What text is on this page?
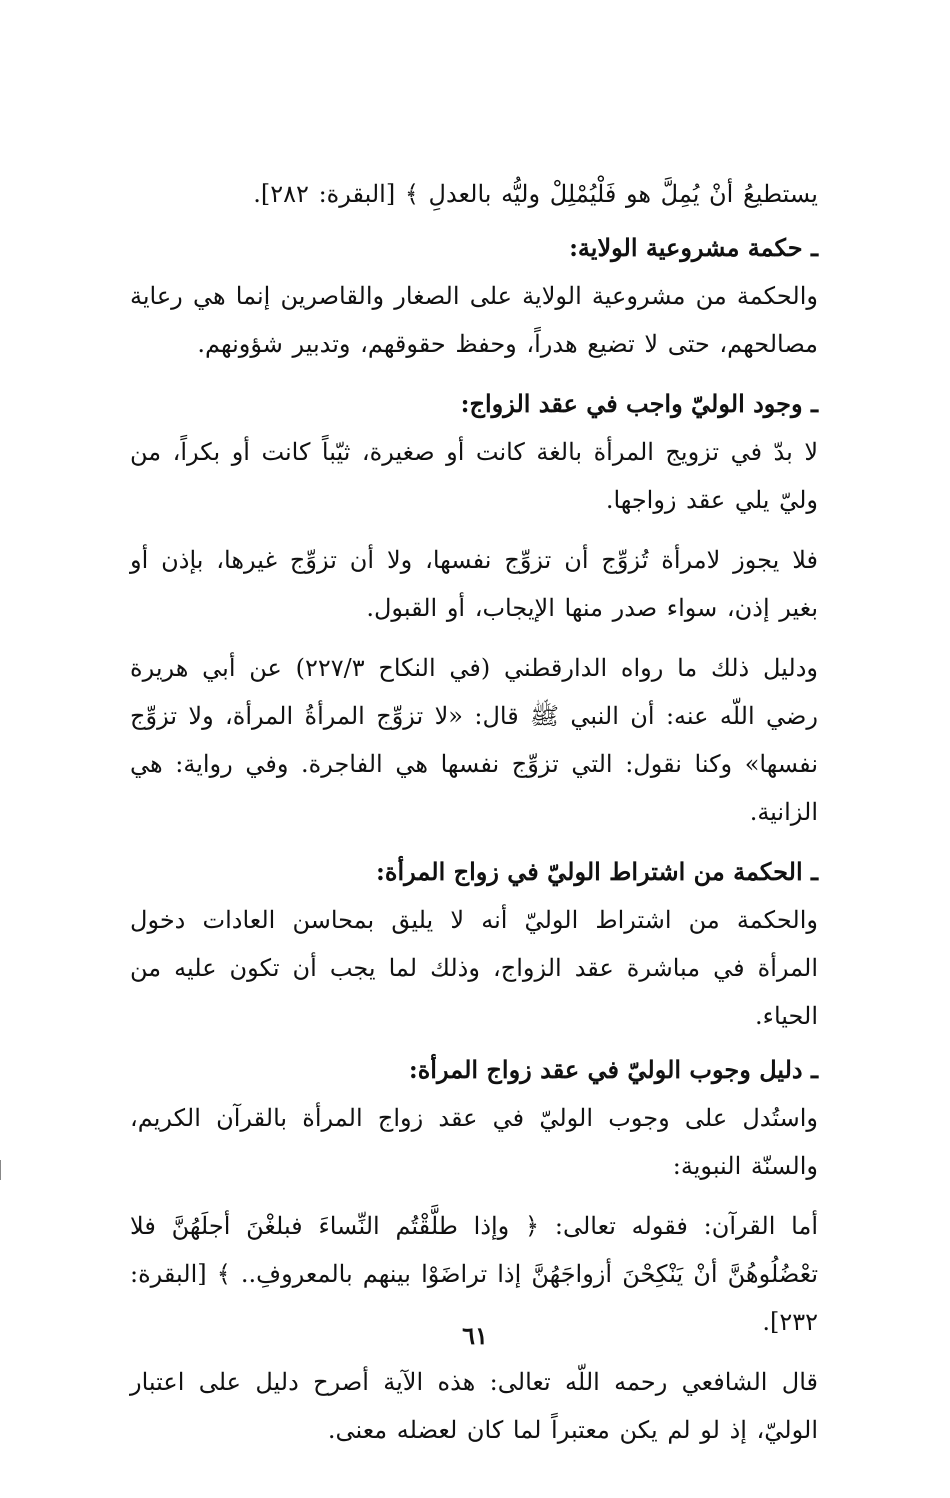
يستطيعُ أنْ يُمِلَّ هو فَلْيُمْلِلْ وليُّه بالعدلِ ﴾ [البقرة: ٢٨٢].

ـ حكمة مشروعية الولاية:

والحكمة من مشروعية الولاية على الصغار والقاصرين إنما هي رعاية مصالحهم، حتى لا تضيع هدراً، وحفظ حقوقهم، وتدبير شؤونهم.

ـ وجود الوليّ واجب في عقد الزواج:

لا بدّ في تزويج المرأة بالغة كانت أو صغيرة، ثيّباً كانت أو بكراً، من وليّ يلي عقد زواجها.

فلا يجوز لامرأة تُزوِّج أن تزوِّج نفسها، ولا أن تزوِّج غيرها، بإذن أو بغير إذن، سواء صدر منها الإيجاب، أو القبول.

ودليل ذلك ما رواه الدارقطني (في النكاح ٢٢٧/٣) عن أبي هريرة رضي اللّه عنه: أن النبي ﷺ قال: «لا تزوِّج المرأةُ المرأة، ولا تزوِّج نفسها» وكنا نقول: التي تزوِّج نفسها هي الفاجرة. وفي رواية: هي الزانية.

ـ الحكمة من اشتراط الوليّ في زواج المرأة:

والحكمة من اشتراط الوليّ أنه لا يليق بمحاسن العادات دخول المرأة في مباشرة عقد الزواج، وذلك لما يجب أن تكون عليه من الحياء.

ـ دليل وجوب الوليّ في عقد زواج المرأة:

واستُدل على وجوب الوليّ في عقد زواج المرأة بالقرآن الكريم، والسنّة النبوية:

أما القرآن: فقوله تعالى: ﴿ وإذا طلَّقْتُم النِّساءَ فبلغْنَ أجلَهُنَّ فلا تعْضُلُوهُنَّ أنْ يَنْكِحْنَ أزواجَهُنَّ إذا تراضَوْا بينهم بالمعروفِ.. ﴾ [البقرة: ٢٣٢].

قال الشافعي رحمه اللّه تعالى: هذه الآية أصرح دليل على اعتبار الوليّ، إذ لو لم يكن معتبراً لما كان لعضله معنى.

٦١
